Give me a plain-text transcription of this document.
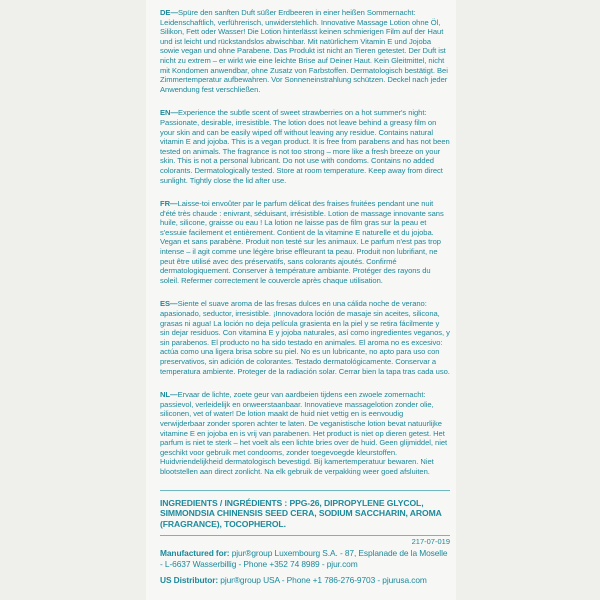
DE—Spüre den sanften Duft süßer Erdbeeren in einer heißen Sommernacht: Leidenschaftlich, verführerisch, unwiderstehlich. Innovative Massage Lotion ohne Öl, Silikon, Fett oder Wasser! Die Lotion hinterlässt keinen schmierigen Film auf der Haut und ist leicht und rückstandslos abwischbar. Mit natürlichem Vitamin E und Jojoba sowie vegan und ohne Parabene. Das Produkt ist nicht an Tieren getestet. Der Duft ist nicht zu extrem – er wirkt wie eine leichte Brise auf Deiner Haut. Kein Gleitmittel, nicht mit Kondomen anwendbar, ohne Zusatz von Farbstoffen. Dermatologisch bestätigt. Bei Zimmertemperatur aufbewahren. Vor Sonneneinstrahlung schützen. Deckel nach jeder Anwendung fest verschließen.

EN—Experience the subtle scent of sweet strawberries on a hot summer's night: Passionate, desirable, irresistible. The lotion does not leave behind a greasy film on your skin and can be easily wiped off without leaving any residue. Contains natural vitamin E and jojoba. This is a vegan product. It is free from parabens and has not been tested on animals. The fragrance is not too strong – more like a fresh breeze on your skin. This is not a personal lubricant. Do not use with condoms. Contains no added colorants. Dermatologically tested. Store at room temperature. Keep away from direct sunlight. Tightly close the lid after use.

FR—Laisse-toi envoûter par le parfum délicat des fraises fruitées pendant une nuit d'été très chaude : enivrant, séduisant, irrésistible. Lotion de massage innovante sans huile, silicone, graisse ou eau ! La lotion ne laisse pas de film gras sur la peau et s'essuie facilement et entièrement. Contient de la vitamine E naturelle et du jojoba. Vegan et sans parabène. Produit non testé sur les animaux. Le parfum n'est pas trop intense – il agit comme une légère brise effleurant ta peau. Produit non lubrifiant, ne peut être utilisé avec des préservatifs, sans colorants ajoutés. Confirmé dermatologiquement. Conserver à température ambiante. Protéger des rayons du soleil. Refermer correctement le couvercle après chaque utilisation.

ES—Siente el suave aroma de las fresas dulces en una cálida noche de verano: apasionado, seductor, irresistible. ¡Innovadora loción de masaje sin aceites, silicona, grasas ni agua! La loción no deja película grasienta en la piel y se retira fácilmente y sin dejar residuos. Con vitamina E y jojoba naturales, así como ingredientes veganos, y sin parabenos. El producto no ha sido testado en animales. El aroma no es excesivo: actúa como una ligera brisa sobre su piel. No es un lubricante, no apto para uso con preservativos, sin adición de colorantes. Testado dermatológicamente. Conservar a temperatura ambiente. Proteger de la radiación solar. Cerrar bien la tapa tras cada uso.

NL—Ervaar de lichte, zoete geur van aardbeien tijdens een zwoele zomernacht: passievol, verleidelijk en onweerstaanbaar. Innovatieve massagelotion zonder olie, siliconen, vet of water! De lotion maakt de huid niet vettig en is eenvoudig verwijderbaar zonder sporen achter te laten. De veganistische lotion bevat natuurlijke vitamine E en jojoba en is vrij van parabenen. Het product is niet op dieren getest. Het parfum is niet te sterk – het voelt als een lichte bries over de huid. Geen glijmiddel, niet geschikt voor gebruik met condooms, zonder toegevoegde kleurstoffen. Huidvriendelijkheid dermatologisch bevestigd. Bij kamertemperatuur bewaren. Niet blootstellen aan direct zonlicht. Na elk gebruik de verpakking weer goed afsluiten.

INGREDIENTS / INGRÉDIENTS : PPG-26, DIPROPYLENE GLYCOL, SIMMONDSIA CHINENSIS SEED CERA, SODIUM SACCHARIN, AROMA (FRAGRANCE), TOCOPHEROL.
217-07-019
Manufactured for: pjur®group Luxembourg S.A. - 87, Esplanade de la Moselle - L-6637 Wasserbillig - Phone +352 74 8989 - pjur.com
US Distributor: pjur®group USA - Phone +1 786-276-9703 - pjurusa.com
